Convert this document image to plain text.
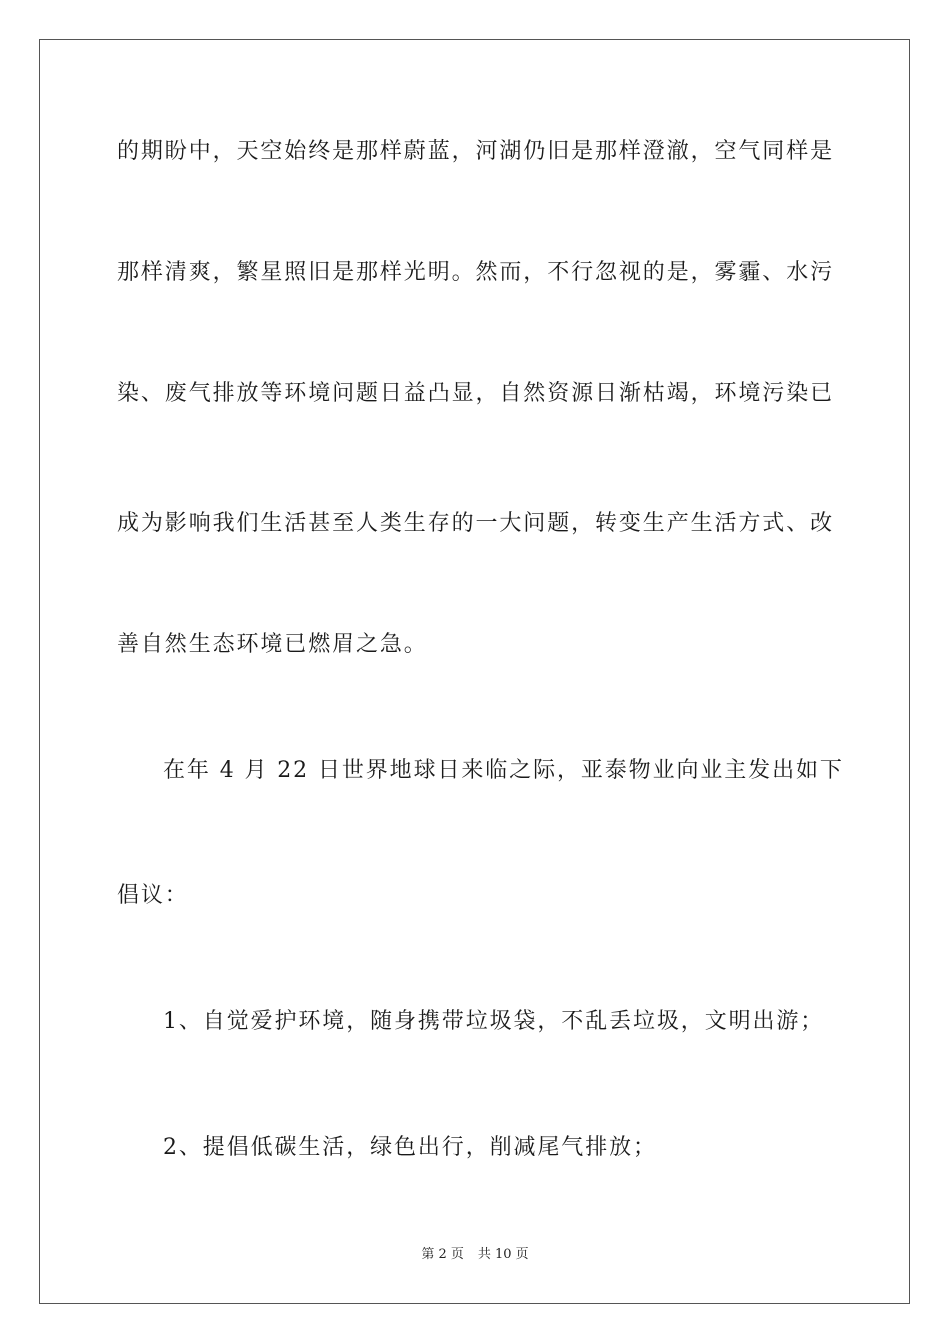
的期盼中，天空始终是那样蔚蓝，河湖仍旧是那样澄澈，空气同样是
那样清爽，繁星照旧是那样光明。然而，不行忽视的是，雾霾、水污
染、废气排放等环境问题日益凸显，自然资源日渐枯竭，环境污染已
成为影响我们生活甚至人类生存的一大问题，转变生产生活方式、改
善自然生态环境已燃眉之急。
在年 4 月 22 日世界地球日来临之际，亚泰物业向业主发出如下
倡议：
1、自觉爱护环境，随身携带垃圾袋，不乱丢垃圾，文明出游；
2、提倡低碳生活，绿色出行，削减尾气排放；
第 2 页 共 10 页
